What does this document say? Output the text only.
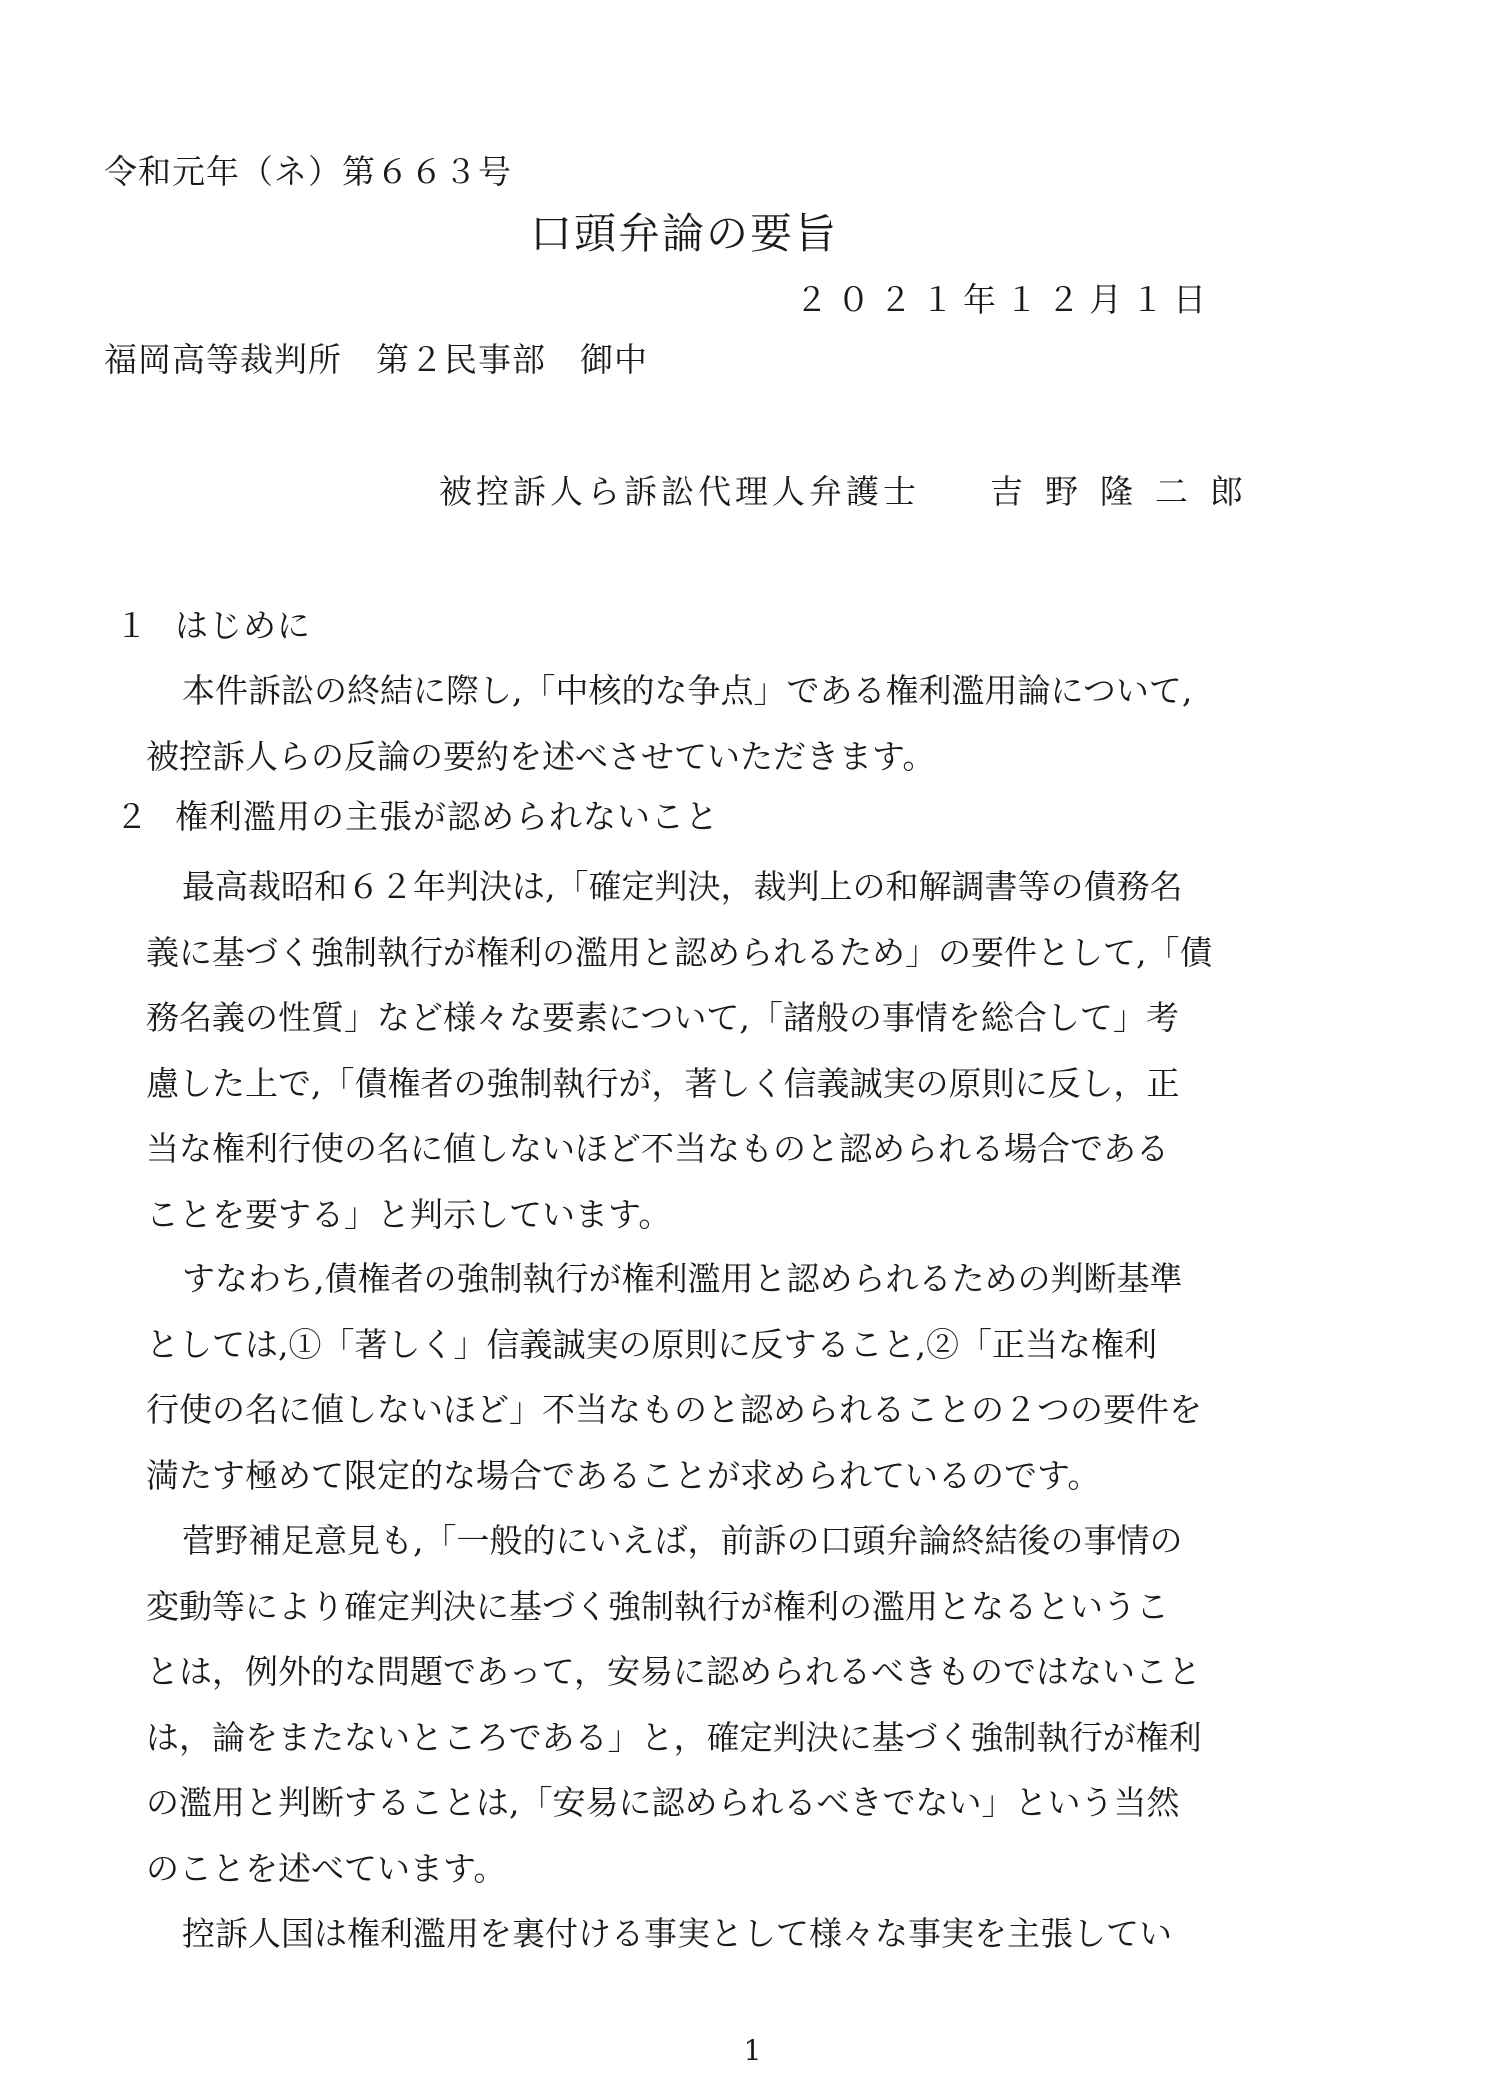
令和元年（ネ）第６６３号
口頭弁論の要旨
２０２１年１２月１日
福岡高等裁判所　第２民事部　御中
被控訴人ら訴訟代理人弁護士 吉野隆二郎
１ はじめに
本件訴訟の終結に際し,「中核的な争点」である権利濫用論について,
被控訴人らの反論の要約を述べさせていただきます。
２ 権利濫用の主張が認められないこと
最高裁昭和６２年判決は,「確定判決，裁判上の和解調書等の債務名
義に基づく強制執行が権利の濫用と認められるため」の要件として,「債
務名義の性質」など様々な要素について,「諸般の事情を総合して」考
慮した上で,「債権者の強制執行が，著しく信義誠実の原則に反し，正
当な権利行使の名に値しないほど不当なものと認められる場合である
ことを要する」と判示しています。
すなわち,債権者の強制執行が権利濫用と認められるための判断基準
としては,①「著しく」信義誠実の原則に反すること,②「正当な権利
行使の名に値しないほど」不当なものと認められることの２つの要件を
満たす極めて限定的な場合であることが求められているのです。
菅野補足意見も,「一般的にいえば，前訴の口頭弁論終結後の事情の
変動等により確定判決に基づく強制執行が権利の濫用となるというこ
とは，例外的な問題であって，安易に認められるべきものではないこと
は，論をまたないところである」と，確定判決に基づく強制執行が権利
の濫用と判断することは,「安易に認められるべきでない」という当然
のことを述べています。
控訴人国は権利濫用を裏付ける事実として様々な事実を主張してい
1
